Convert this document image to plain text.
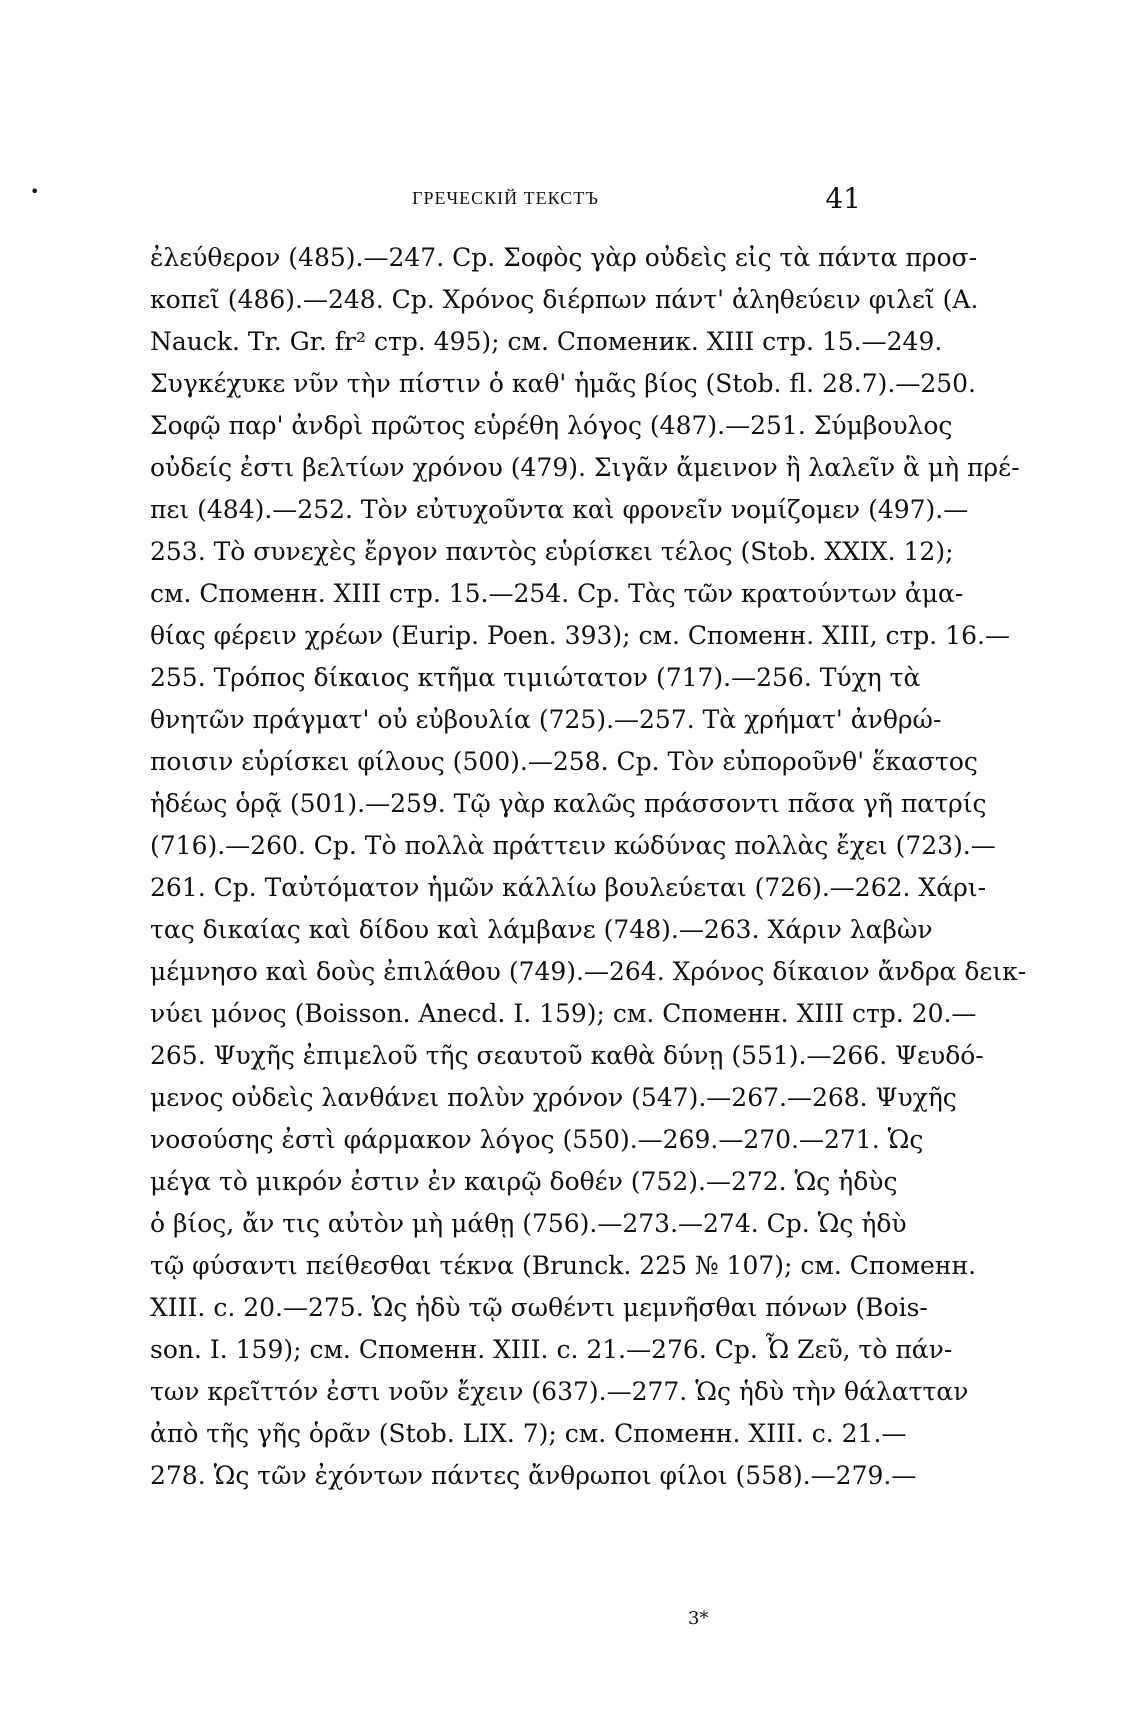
•	ГРЕЧЕСКІЙ ТЕКСТЪ	41
ἐλεύθερον (485).—247. Ср. Σοφὸς γὰρ οὐδεὶς εἰς τὰ πάντα προσ-
κοπεῖ (486).—248. Ср. Χρόνος διέρπων πάντ' ἀληθεύειν φιλεῖ (A.
Nauck. Tr. Gr. fr² стр. 495); см. Споменик. XIII стр. 15.—249.
Συγκέχυκε νῦν τὴν πίστιν ὁ καθ' ἡμᾶς βίος (Stob. fl. 28.7).—250.
Σοφῷ παρ' ἀνδρὶ πρῶτος εὑρέθη λόγος (487).—251. Σύμβουλος
οὐδείς ἐστι βελτίων χρόνου (479). Σιγᾶν ἄμεινον ἢ λαλεῖν ἃ μὴ πρέ-
πει (484).—252. Τὸν εὐτυχοῦντα καὶ φρονεῖν νομίζομεν (497).—
253. Τὸ συνεχὲς ἔργον παντὸς εὑρίσκει τέλος (Stob. XXIX. 12);
см. Споменн. XIII стр. 15.—254. Ср. Τὰς τῶν κρατούντων ἀμα-
θίας φέρειν χρέων (Eurip. Poen. 393); см. Споменн. XIII, стр. 16.—
255. Τρόπος δίκαιος κτῆμα τιμιώτατον (717).—256. Τύχη τὰ
θνητῶν πράγματ' οὐ εὐβουλία (725).—257. Τὰ χρήματ' ἀνθρώ-
ποισιν εὑρίσκει φίλους (500).—258. Ср. Τὸν εὐποροῦνθ' ἕκαστος
ἡδέως ὁρᾷ (501).—259. Τῷ γὰρ καλῶς πράσσοντι πᾶσα γῆ πατρίς
(716).—260. Ср. Τὸ πολλὰ πράττειν κώδύνας πολλὰς ἔχει (723).—
261. Ср. Ταὐτόματον ἡμῶν κάλλίω βουλεύεται (726).—262. Χάρι-
τας δικαίας καὶ δίδου καὶ λάμβανε (748).—263. Χάριν λαβὼν
μέμνησο καὶ δοὺς ἐπιλάθου (749).—264. Χρόνος δίκαιον ἄνδρα δεικ-
νύει μόνος (Boisson. Anecd. I. 159); см. Споменн. XIII стр. 20.—
265. Ψυχῆς ἐπιμελοῦ τῆς σεαυτοῦ καθὰ δύνῃ (551).—266. Ψευδό-
μενος οὐδεὶς λανθάνει πολὺν χρόνον (547).—267.—268. Ψυχῆς
νοσούσης ἐστὶ φάρμακον λόγος (550).—269.—270.—271. Ὡς
μέγα τὸ μικρόν ἐστιν ἐν καιρῷ δοθέν (752).—272. Ὡς ἡδὺς
ὁ βίος, ἄν τις αὐτὸν μὴ μάθῃ (756).—273.—274. Ср. Ὡς ἡδὺ
τῷ φύσαντι πείθεσθαι τέκνα (Brunck. 225 № 107); см. Споменн.
XIII. с. 20.—275. Ὡς ἡδὺ τῷ σωθέντι μεμνῆσθαι πόνων (Bois-
son. I. 159); см. Споменн. XIII. с. 21.—276. Ср. Ὦ Ζεῦ, τὸ πάν-
των κρεῖττόν ἐστι νοῦν ἔχειν (637).—277. Ὡς ἡδὺ τὴν θάλατταν
ἀπὸ τῆς γῆς ὁρᾶν (Stob. LIX. 7); см. Споменн. XIII. с. 21.—
278. Ὡς τῶν ἐχόντων πάντες ἄνθρωποι φίλοι (558).—279.—
3*
